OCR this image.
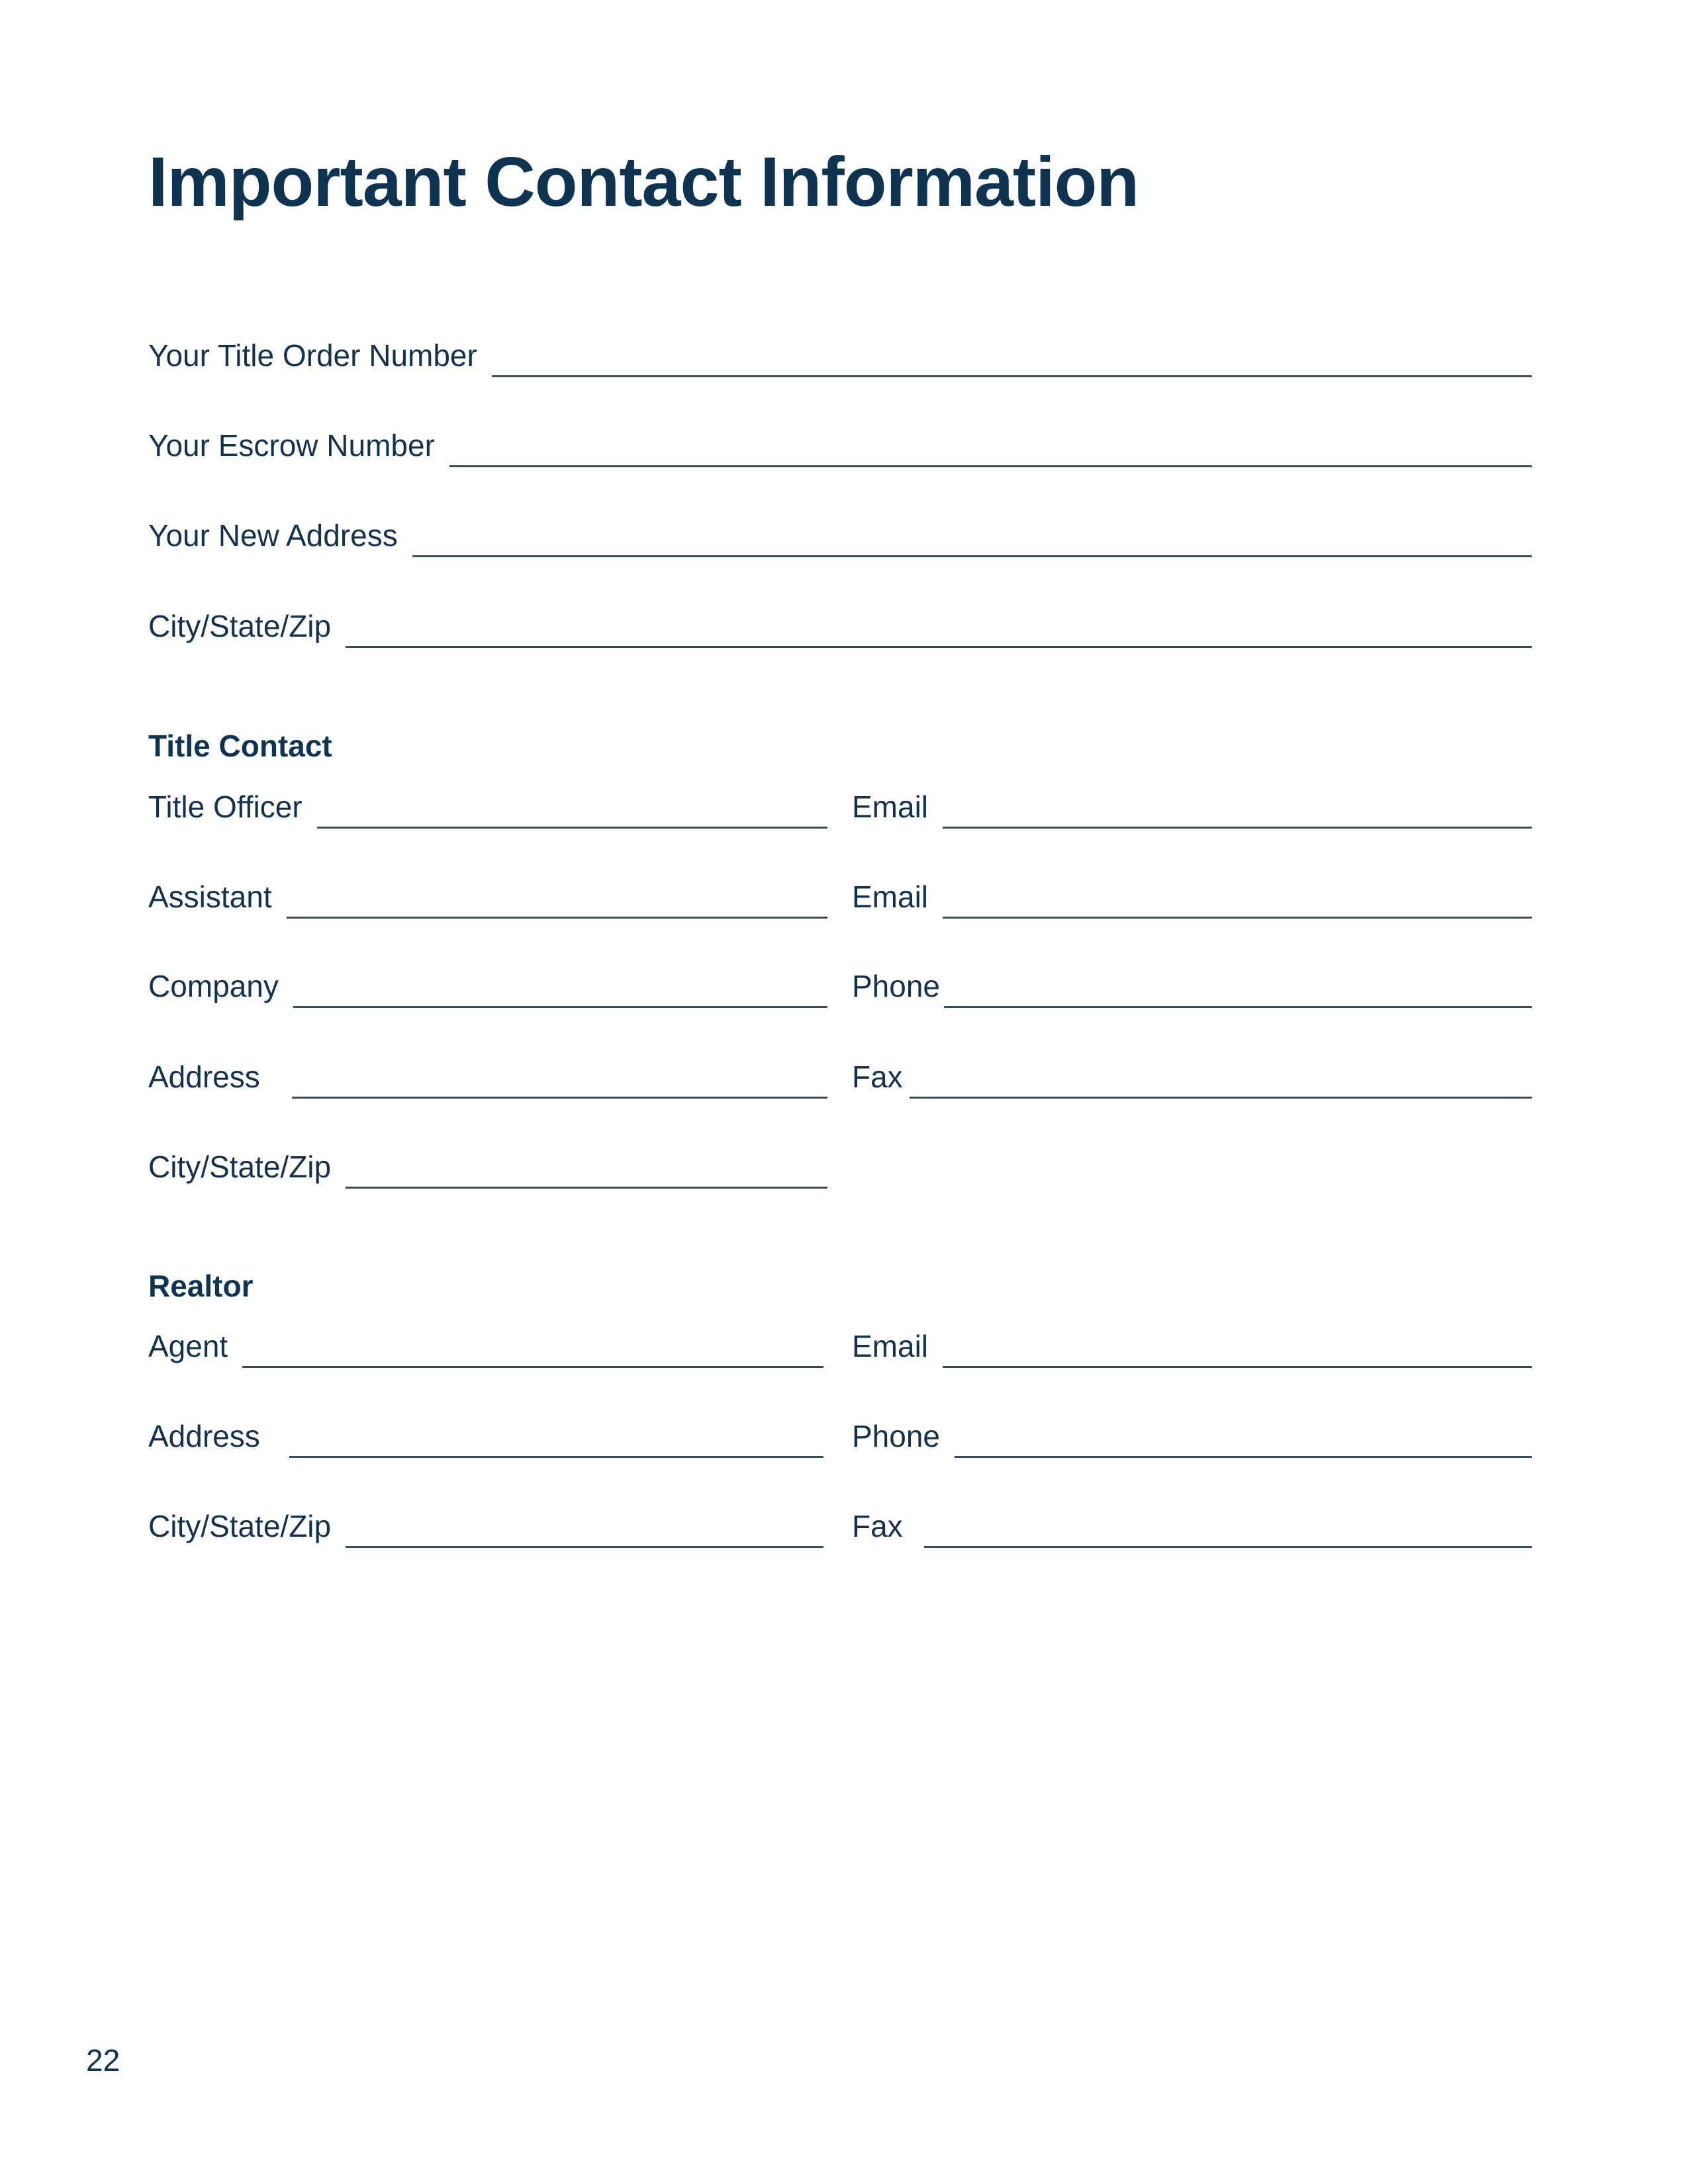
Important Contact Information
Your Title Order Number
Your Escrow Number
Your New Address
City/State/Zip
Title Contact
Title Officer	Email
Assistant	Email
Company	Phone
Address	Fax
City/State/Zip
Realtor
Agent	Email
Address	Phone
City/State/Zip	Fax
22
